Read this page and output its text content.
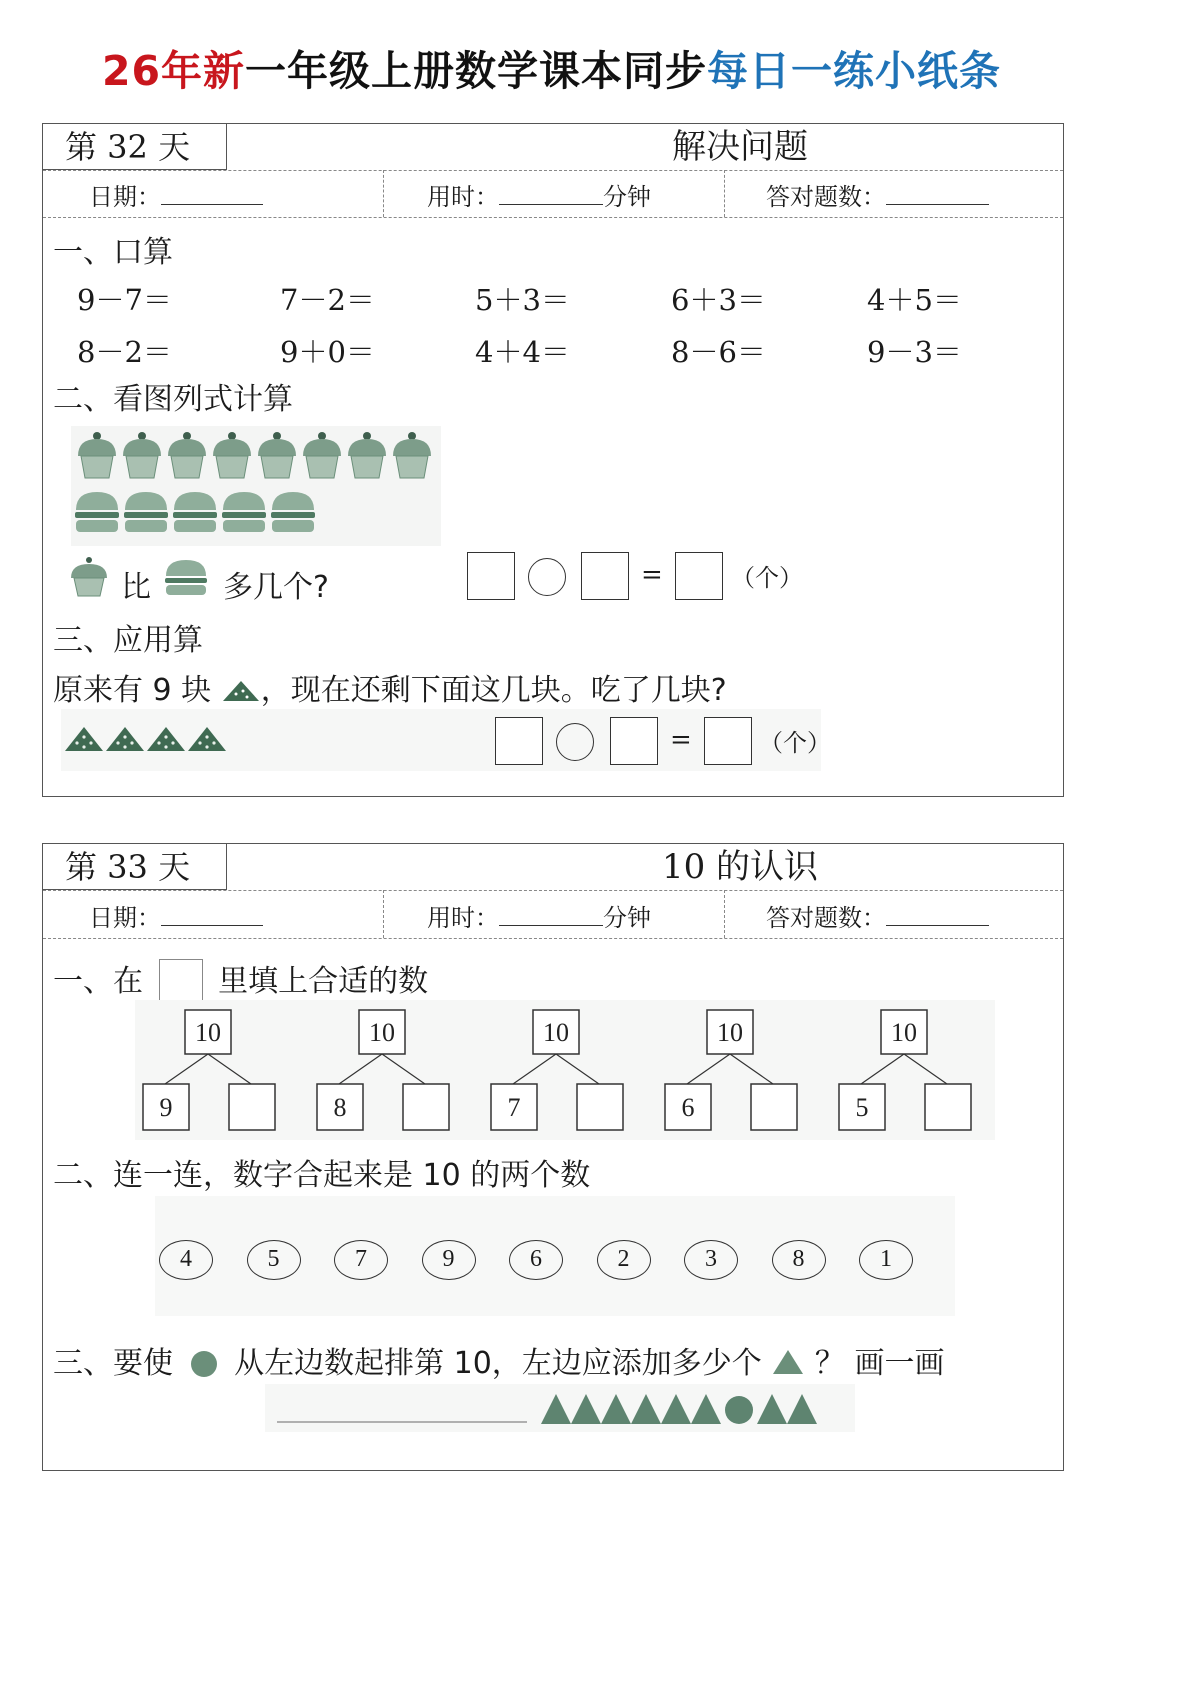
26年新一年级上册数学课本同步每日一练小纸条
第 32 天	解决问题
日期：	用时：	分钟	答对题数：
一、口算
9－7＝	7－2＝	5＋3＝	6＋3＝	4＋5＝
8－2＝	9＋0＝	4＋4＝	8－6＝	9－3＝
二、看图列式计算
比 多几个?	=	（个）
三、应用算
原来有 9 块 ，现在还剩下面这几块。吃了几块?
=	（个）
第 33 天	10 的认识
日期：	用时：	分钟	答对题数：
一、在	里填上合适的数
10
9
10
8
10
7
10
6
10
5
二、连一连，数字合起来是 10 的两个数
4	5	7	9	6	2	3	8	1
三、要使 从左边数起排第 10，左边应添加多少个 ？ 画一画
